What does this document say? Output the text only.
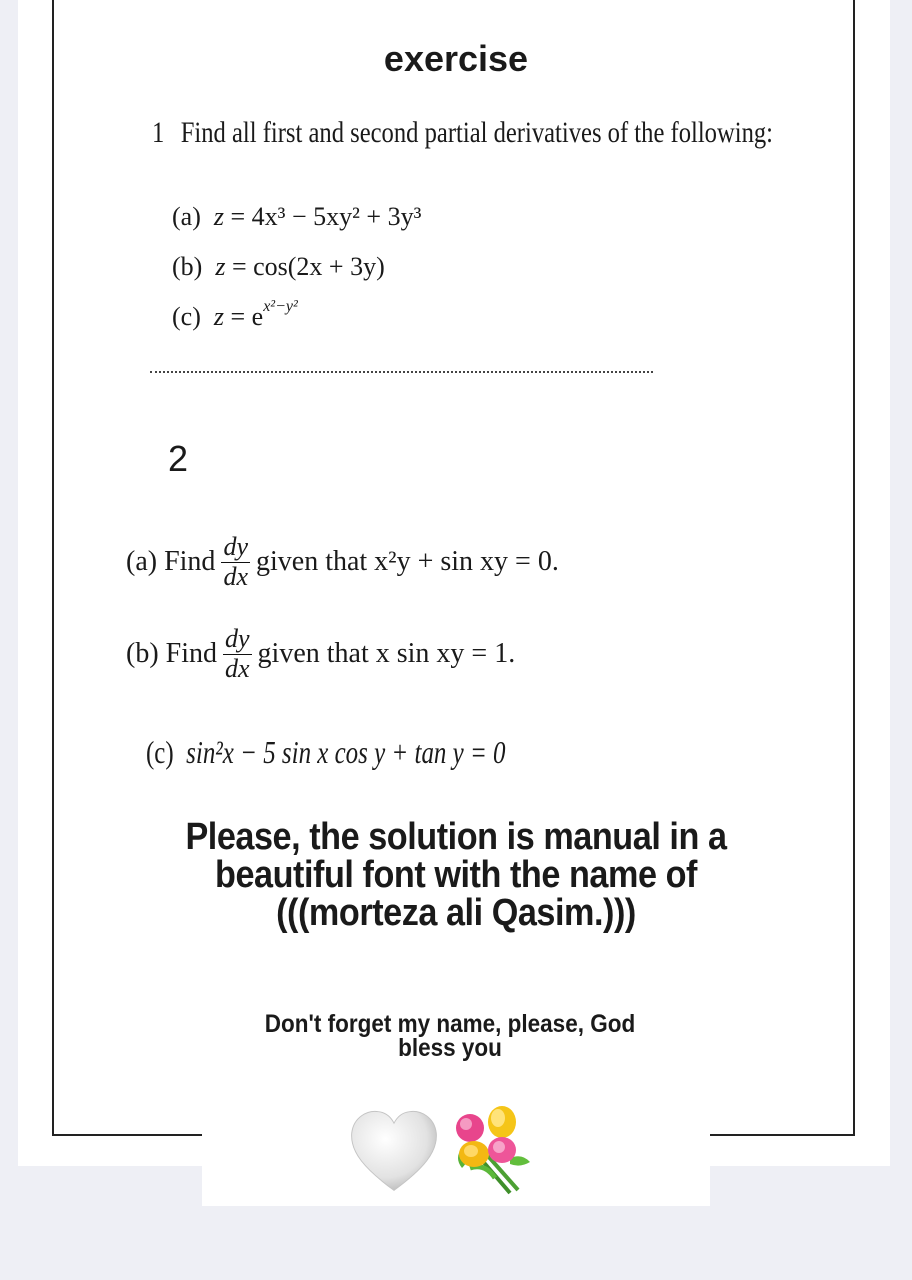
exercise
1 Find all first and second partial derivatives of the following:
(a) z = 4x³ − 5xy² + 3y³
(b) z = cos(2x + 3y)
(c) $z = e^{x^2-y^2}$
2
(a) Find $\frac{dy}{dx}$ given that x²y + sin xy = 0.
(b) Find $\frac{dy}{dx}$ given that x sin xy = 1.
(c) sin²x − 5 sin x cos y + tan y = 0
Please, the solution is manual in a
beautiful font with the name of
(((morteza ali Qasim.)))
Don't forget my name, please, God
bless you
